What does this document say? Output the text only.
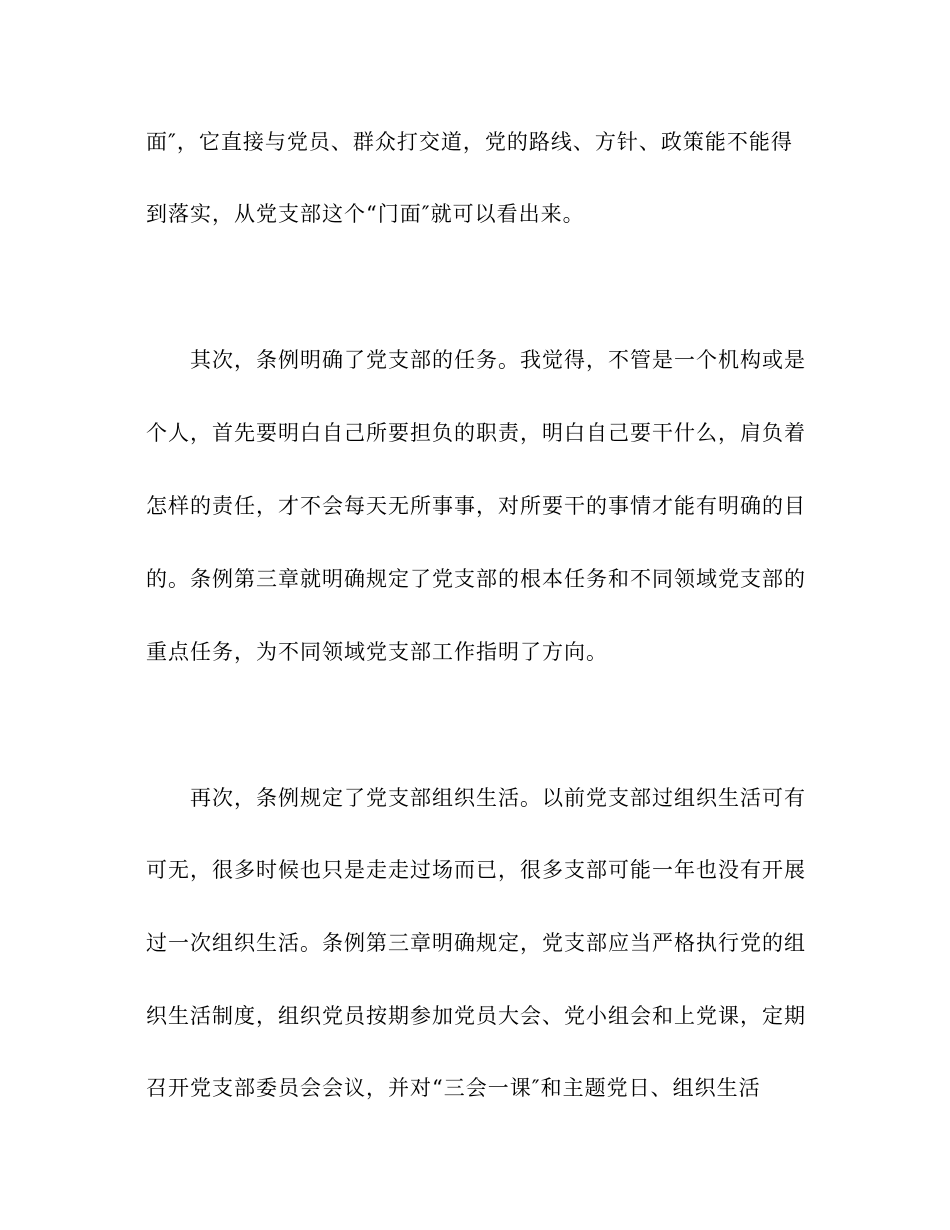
面″，它直接与党员、群众打交道，党的路线、方针、政策能不能得
到落实，从党支部这个“门面″就可以看出来。
其次，条例明确了党支部的任务。我觉得，不管是一个机构或是
个人，首先要明白自己所要担负的职责，明白自己要干什么，肩负着
怎样的责任，才不会每天无所事事，对所要干的事情才能有明确的目
的。条例第三章就明确规定了党支部的根本任务和不同领域党支部的
重点任务，为不同领域党支部工作指明了方向。
再次，条例规定了党支部组织生活。以前党支部过组织生活可有
可无，很多时候也只是走走过场而已，很多支部可能一年也没有开展
过一次组织生活。条例第三章明确规定，党支部应当严格执行党的组
织生活制度，组织党员按期参加党员大会、党小组会和上党课，定期
召开党支部委员会会议，并对“三会一课″和主题党日、组织生活
